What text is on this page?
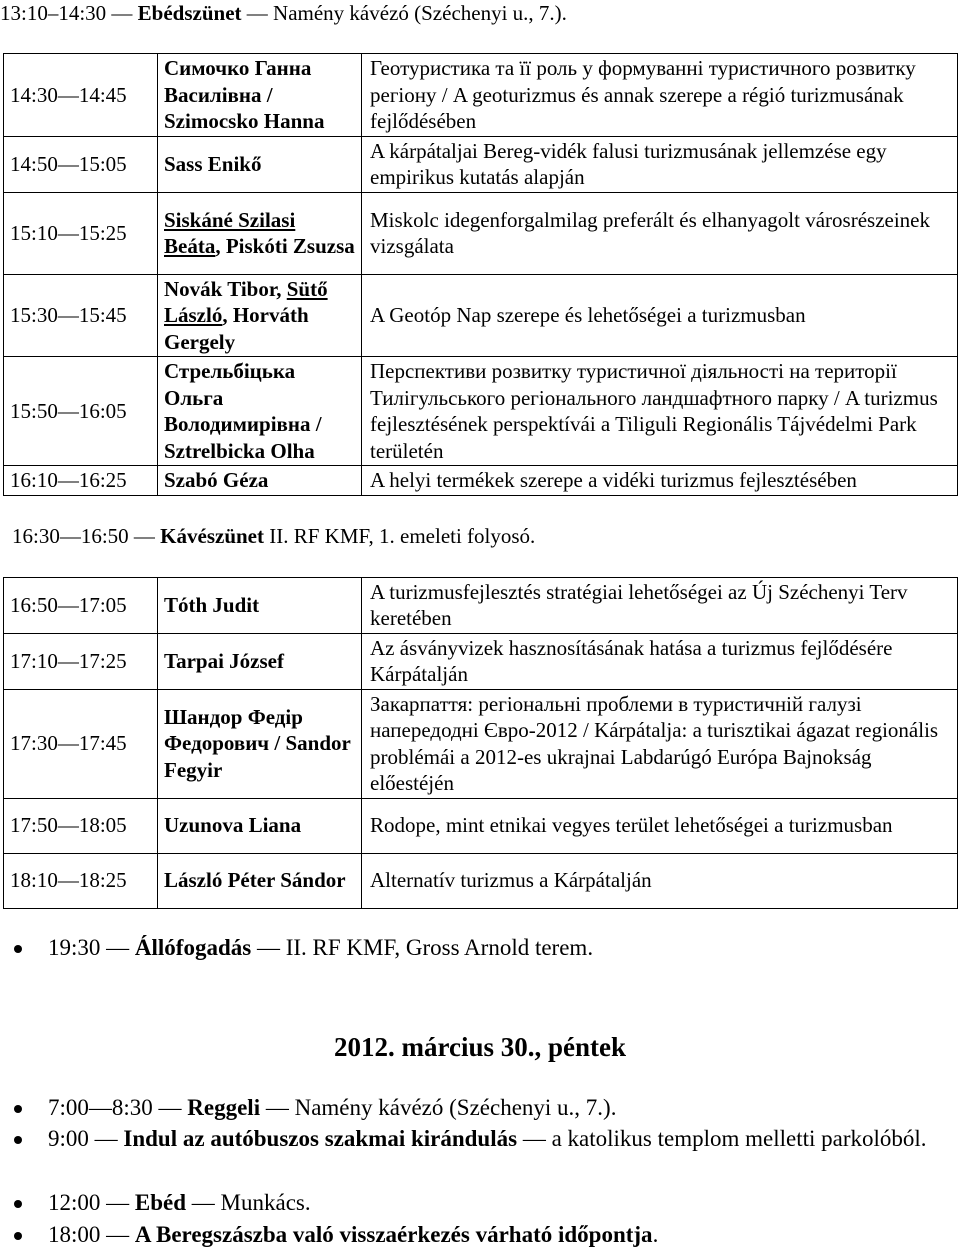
13:10–14:30 — Ebédszünet — Namény kávézó (Széchenyi u., 7.).
14:30—14:45	Симочко Ганна Василівна / Szimocsko Hanna	Геотуристика та її роль у формуванні туристичного розвитку регіону / A geoturizmus és annak szerepe a régió turizmusának fejlődésében
14:50—15:05	Sass Enikő	A kárpátaljai Bereg-vidék falusi turizmusának jellemzése egy empirikus kutatás alapján
15:10—15:25	Siskáné Szilasi Beáta, Piskóti Zsuzsa	Miskolc idegenforgalmilag preferált és elhanyagolt városrészeinek vizsgálata
15:30—15:45	Novák Tibor, Sütő László, Horváth Gergely	A Geotóp Nap szerepe és lehetőségei a turizmusban
15:50—16:05	Стрельбіцька Ольга Володимирівна / Sztrelbicka Olha	Перспективи розвитку туристичної діяльності на території Тилігульського регіонального ландшафтного парку / A turizmus fejlesztésének perspektívái a Tiliguli Regionális Tájvédelmi Park területén
16:10—16:25	Szabó Géza	A helyi termékek szerepe a vidéki turizmus fejlesztésében
16:30—16:50 — Kávészünet II. RF KMF, 1. emeleti folyosó.
16:50—17:05	Tóth Judit	A turizmusfejlesztés stratégiai lehetőségei az Új Széchenyi Terv keretében
17:10—17:25	Tarpai József	Az ásványvizek hasznosításának hatása a turizmus fejlődésére Kárpátalján
17:30—17:45	Шандор Федір Федорович / Sandor Fegyir	Закарпаття: регіональні проблеми в туристичній галузі напередодні Євро-2012 / Kárpátalja: a turisztikai ágazat regionális problémái a 2012-es ukrajnai Labdarúgó Európa Bajnokság előestéjén
17:50—18:05	Uzunova Liana	Rodope, mint etnikai vegyes terület lehetőségei a turizmusban
18:10—18:25	László Péter Sándor	Alternatív turizmus a Kárpátalján
19:30 — Állófogadás — II. RF KMF, Gross Arnold terem.
2012. március 30., péntek
7:00—8:30 — Reggeli — Namény kávézó (Széchenyi u., 7.).
9:00 — Indul az autóbuszos szakmai kirándulás — a katolikus templom melletti parkolóból.
12:00 — Ebéd — Munkács.
18:00 — A Beregszászba való visszaérkezés várható időpontja.
